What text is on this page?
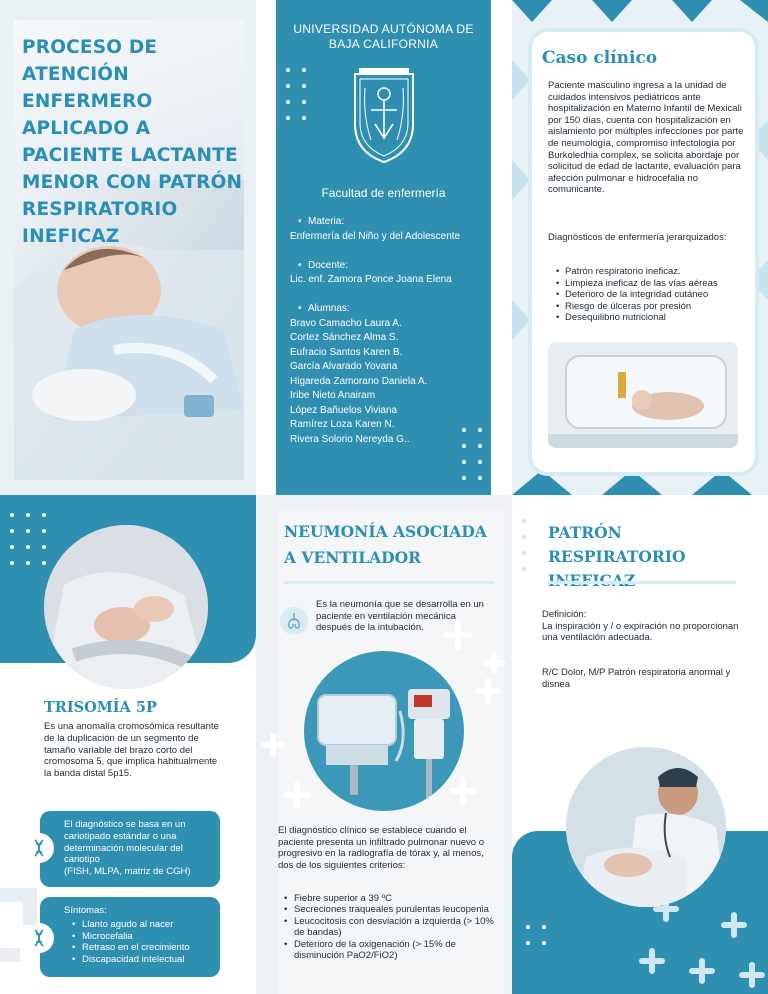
PROCESO DE ATENCIÓN ENFERMERO APLICADO A PACIENTE LACTANTE MENOR CON PATRÓN RESPIRATORIO INEFICAZ
UNIVERSIDAD AUTÓNOMA DE BAJA CALIFORNIA
Facultad de enfermería
• Materia:
Enfermería del Niño y del Adolescente
• Docente:
Lic. enf. Zamora Ponce Joana Elena
• Alumnas:
Bravo Camacho Laura A.
Cortez Sánchez Alma S.
Eufracio Santos Karen B.
García Alvarado Yovana
Higareda Zamorano Daniela A.
Iribe Nieto Anairam
López Bañuelos Viviana
Ramírez Loza Karen N.
Rivera Solorio Nereyda G..
Caso clínico
Paciente masculino ingresa a la unidad de cuidados intensivos pediátricos ante hospitalización en Materno Infantil de Mexicali por 150 días, cuenta con hospitalización en aislamiento por múltiples infecciones por parte de neumología, compromiso infectología por Burkoledhia complex, se solicita abordaje por solicitud de edad de lactante, evaluación para afección pulmonar e hidrocefalia no comunicante.
Diagnósticos de enfermería jerarquizados:
• Patrón respiratorio ineficaz.
• Limpieza ineficaz de las vías aéreas
• Deterioro de la integridad cutáneo
• Riesgo de úlceras por presión
• Desequilibrio nutricional
TRISOMÍA 5P
Es una anomalía cromosómica resultante de la duplicación de un segmento de tamaño variable del brazo corto del cromosoma 5, que implica habitualmente la banda distal 5p15.
El diagnóstico se basa en un cariotipado estándar o una determinación molecular del cariotipo
(FISH, MLPA, matriz de CGH)
Síntomas:
• Llanto agudo al nacer
• Microcefalia
• Retraso en el crecimiento
• Discapacidad intelectual
NEUMONÍA ASOCIADA A VENTILADOR
Es la neumonía que se desarrolla en un paciente en ventilación mecánica después de la intubación.
El diagnóstico clínico se establece cuando el paciente presenta un infiltrado pulmonar nuevo o progresivo en la radiografía de tórax y, al menos, dos de los siguientes criterios:
• Fiebre superior a 39 ºC
• Secreciones traqueales purulentas leucopenia
• Leucocitosis con desviación a izquierda (> 10% de bandas)
• Deterioro de la oxigenación (> 15% de disminución PaO2/FiO2)
PATRÓN RESPIRATORIO
Definición:
La inspiración y / o expiración no proporcionan una ventilación adecuada.
R/C Dolor, M/P Patrón respiratoria anormal y disnea
